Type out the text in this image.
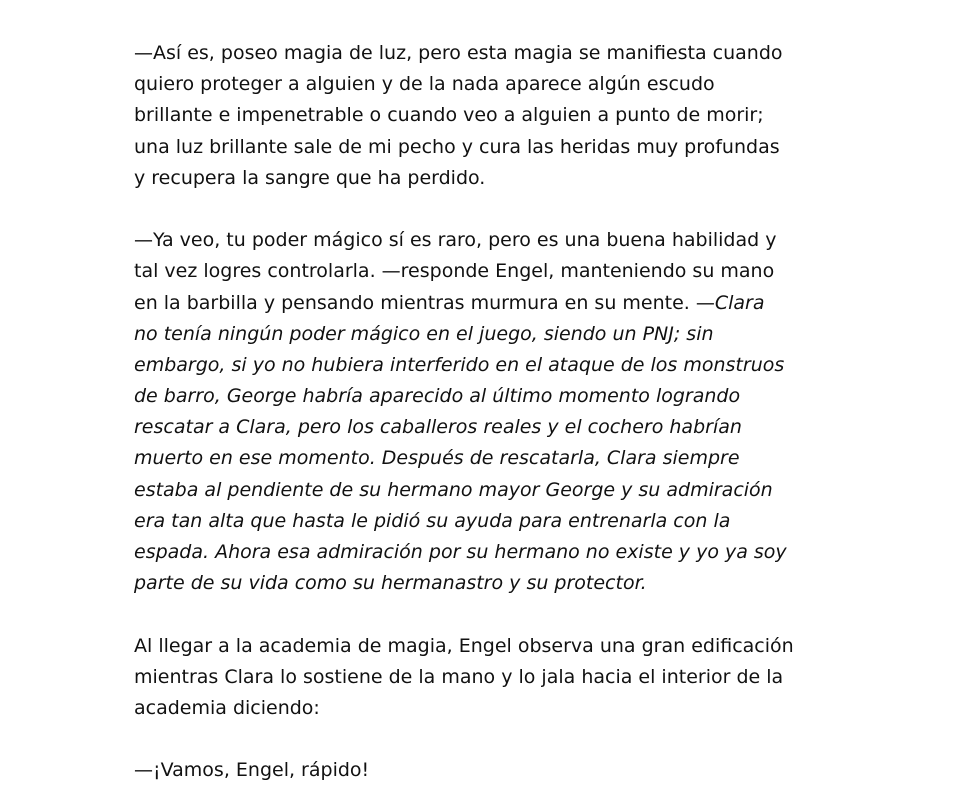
—Así es, poseo magia de luz, pero esta magia se manifiesta cuando
quiero proteger a alguien y de la nada aparece algún escudo
brillante e impenetrable o cuando veo a alguien a punto de morir;
una luz brillante sale de mi pecho y cura las heridas muy profundas
y recupera la sangre que ha perdido.
—Ya veo, tu poder mágico sí es raro, pero es una buena habilidad y
tal vez logres controlarla. —responde Engel, manteniendo su mano
en la barbilla y pensando mientras murmura en su mente. —Clara
no tenía ningún poder mágico en el juego, siendo un PNJ; sin
embargo, si yo no hubiera interferido en el ataque de los monstruos
de barro, George habría aparecido al último momento logrando
rescatar a Clara, pero los caballeros reales y el cochero habrían
muerto en ese momento. Después de rescatarla, Clara siempre
estaba al pendiente de su hermano mayor George y su admiración
era tan alta que hasta le pidió su ayuda para entrenarla con la
espada. Ahora esa admiración por su hermano no existe y yo ya soy
parte de su vida como su hermanastro y su protector.
Al llegar a la academia de magia, Engel observa una gran edificación
mientras Clara lo sostiene de la mano y lo jala hacia el interior de la
academia diciendo:
—¡Vamos, Engel, rápido!
